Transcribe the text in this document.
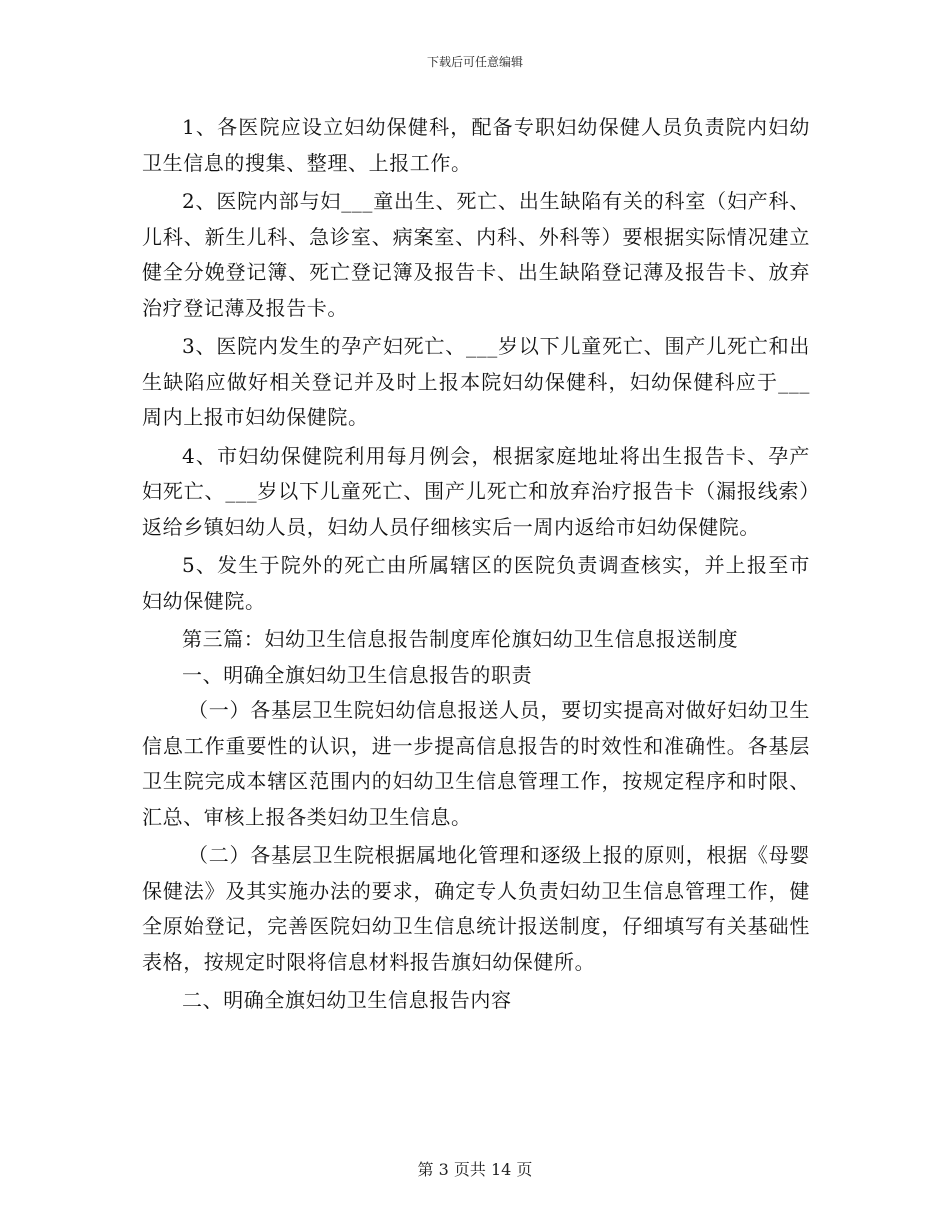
下载后可任意编辑

1、各医院应设立妇幼保健科，配备专职妇幼保健人员负责院内妇幼卫生信息的搜集、整理、上报工作。

2、医院内部与妇___童出生、死亡、出生缺陷有关的科室（妇产科、儿科、新生儿科、急诊室、病案室、内科、外科等）要根据实际情况建立健全分娩登记簿、死亡登记簿及报告卡、出生缺陷登记薄及报告卡、放弃治疗登记薄及报告卡。

3、医院内发生的孕产妇死亡、___岁以下儿童死亡、围产儿死亡和出生缺陷应做好相关登记并及时上报本院妇幼保健科，妇幼保健科应于___周内上报市妇幼保健院。

4、市妇幼保健院利用每月例会，根据家庭地址将出生报告卡、孕产妇死亡、___岁以下儿童死亡、围产儿死亡和放弃治疗报告卡（漏报线索）返给乡镇妇幼人员，妇幼人员仔细核实后一周内返给市妇幼保健院。

5、发生于院外的死亡由所属辖区的医院负责调查核实，并上报至市妇幼保健院。

第三篇：妇幼卫生信息报告制度库伦旗妇幼卫生信息报送制度

一、明确全旗妇幼卫生信息报告的职责

（一）各基层卫生院妇幼信息报送人员，要切实提高对做好妇幼卫生信息工作重要性的认识，进一步提高信息报告的时效性和准确性。各基层卫生院完成本辖区范围内的妇幼卫生信息管理工作，按规定程序和时限、汇总、审核上报各类妇幼卫生信息。

（二）各基层卫生院根据属地化管理和逐级上报的原则，根据《母婴保健法》及其实施办法的要求，确定专人负责妇幼卫生信息管理工作，健全原始登记，完善医院妇幼卫生信息统计报送制度，仔细填写有关基础性表格，按规定时限将信息材料报告旗妇幼保健所。

二、明确全旗妇幼卫生信息报告内容

第 3 页共 14 页
